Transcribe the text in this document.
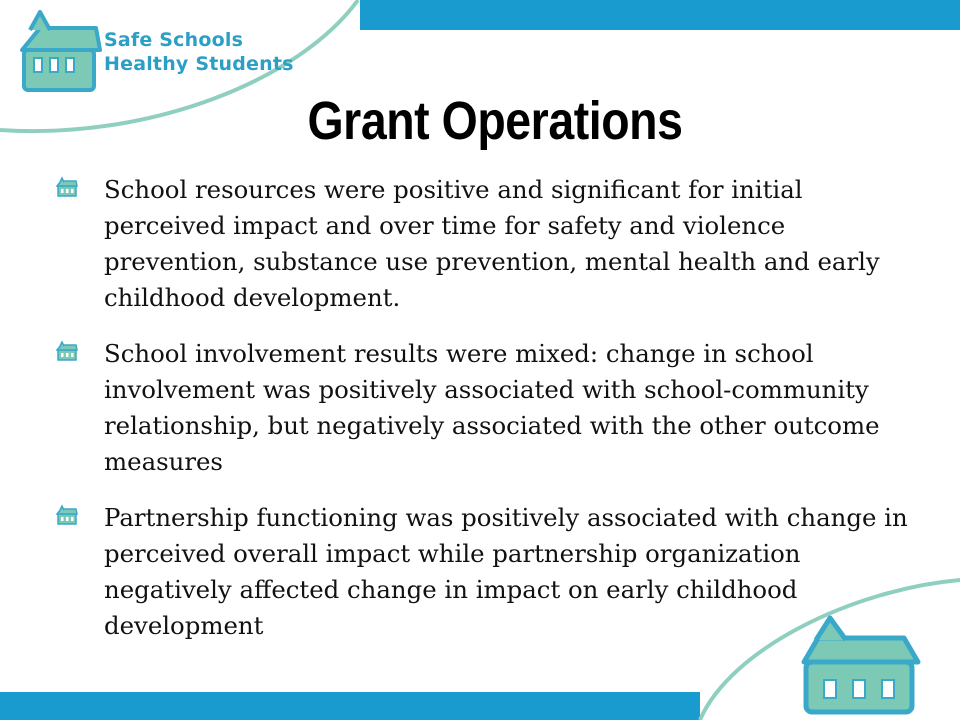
Safe Schools
Healthy Students
Grant Operations
School resources were positive and significant for initial perceived impact and over time for safety and violence prevention, substance use prevention, mental health and early childhood development.
School involvement results were mixed: change in school involvement was positively associated with school-community relationship, but negatively associated with the other outcome measures
Partnership functioning was positively associated with change in perceived overall impact while partnership organization negatively affected change in impact on early childhood development
